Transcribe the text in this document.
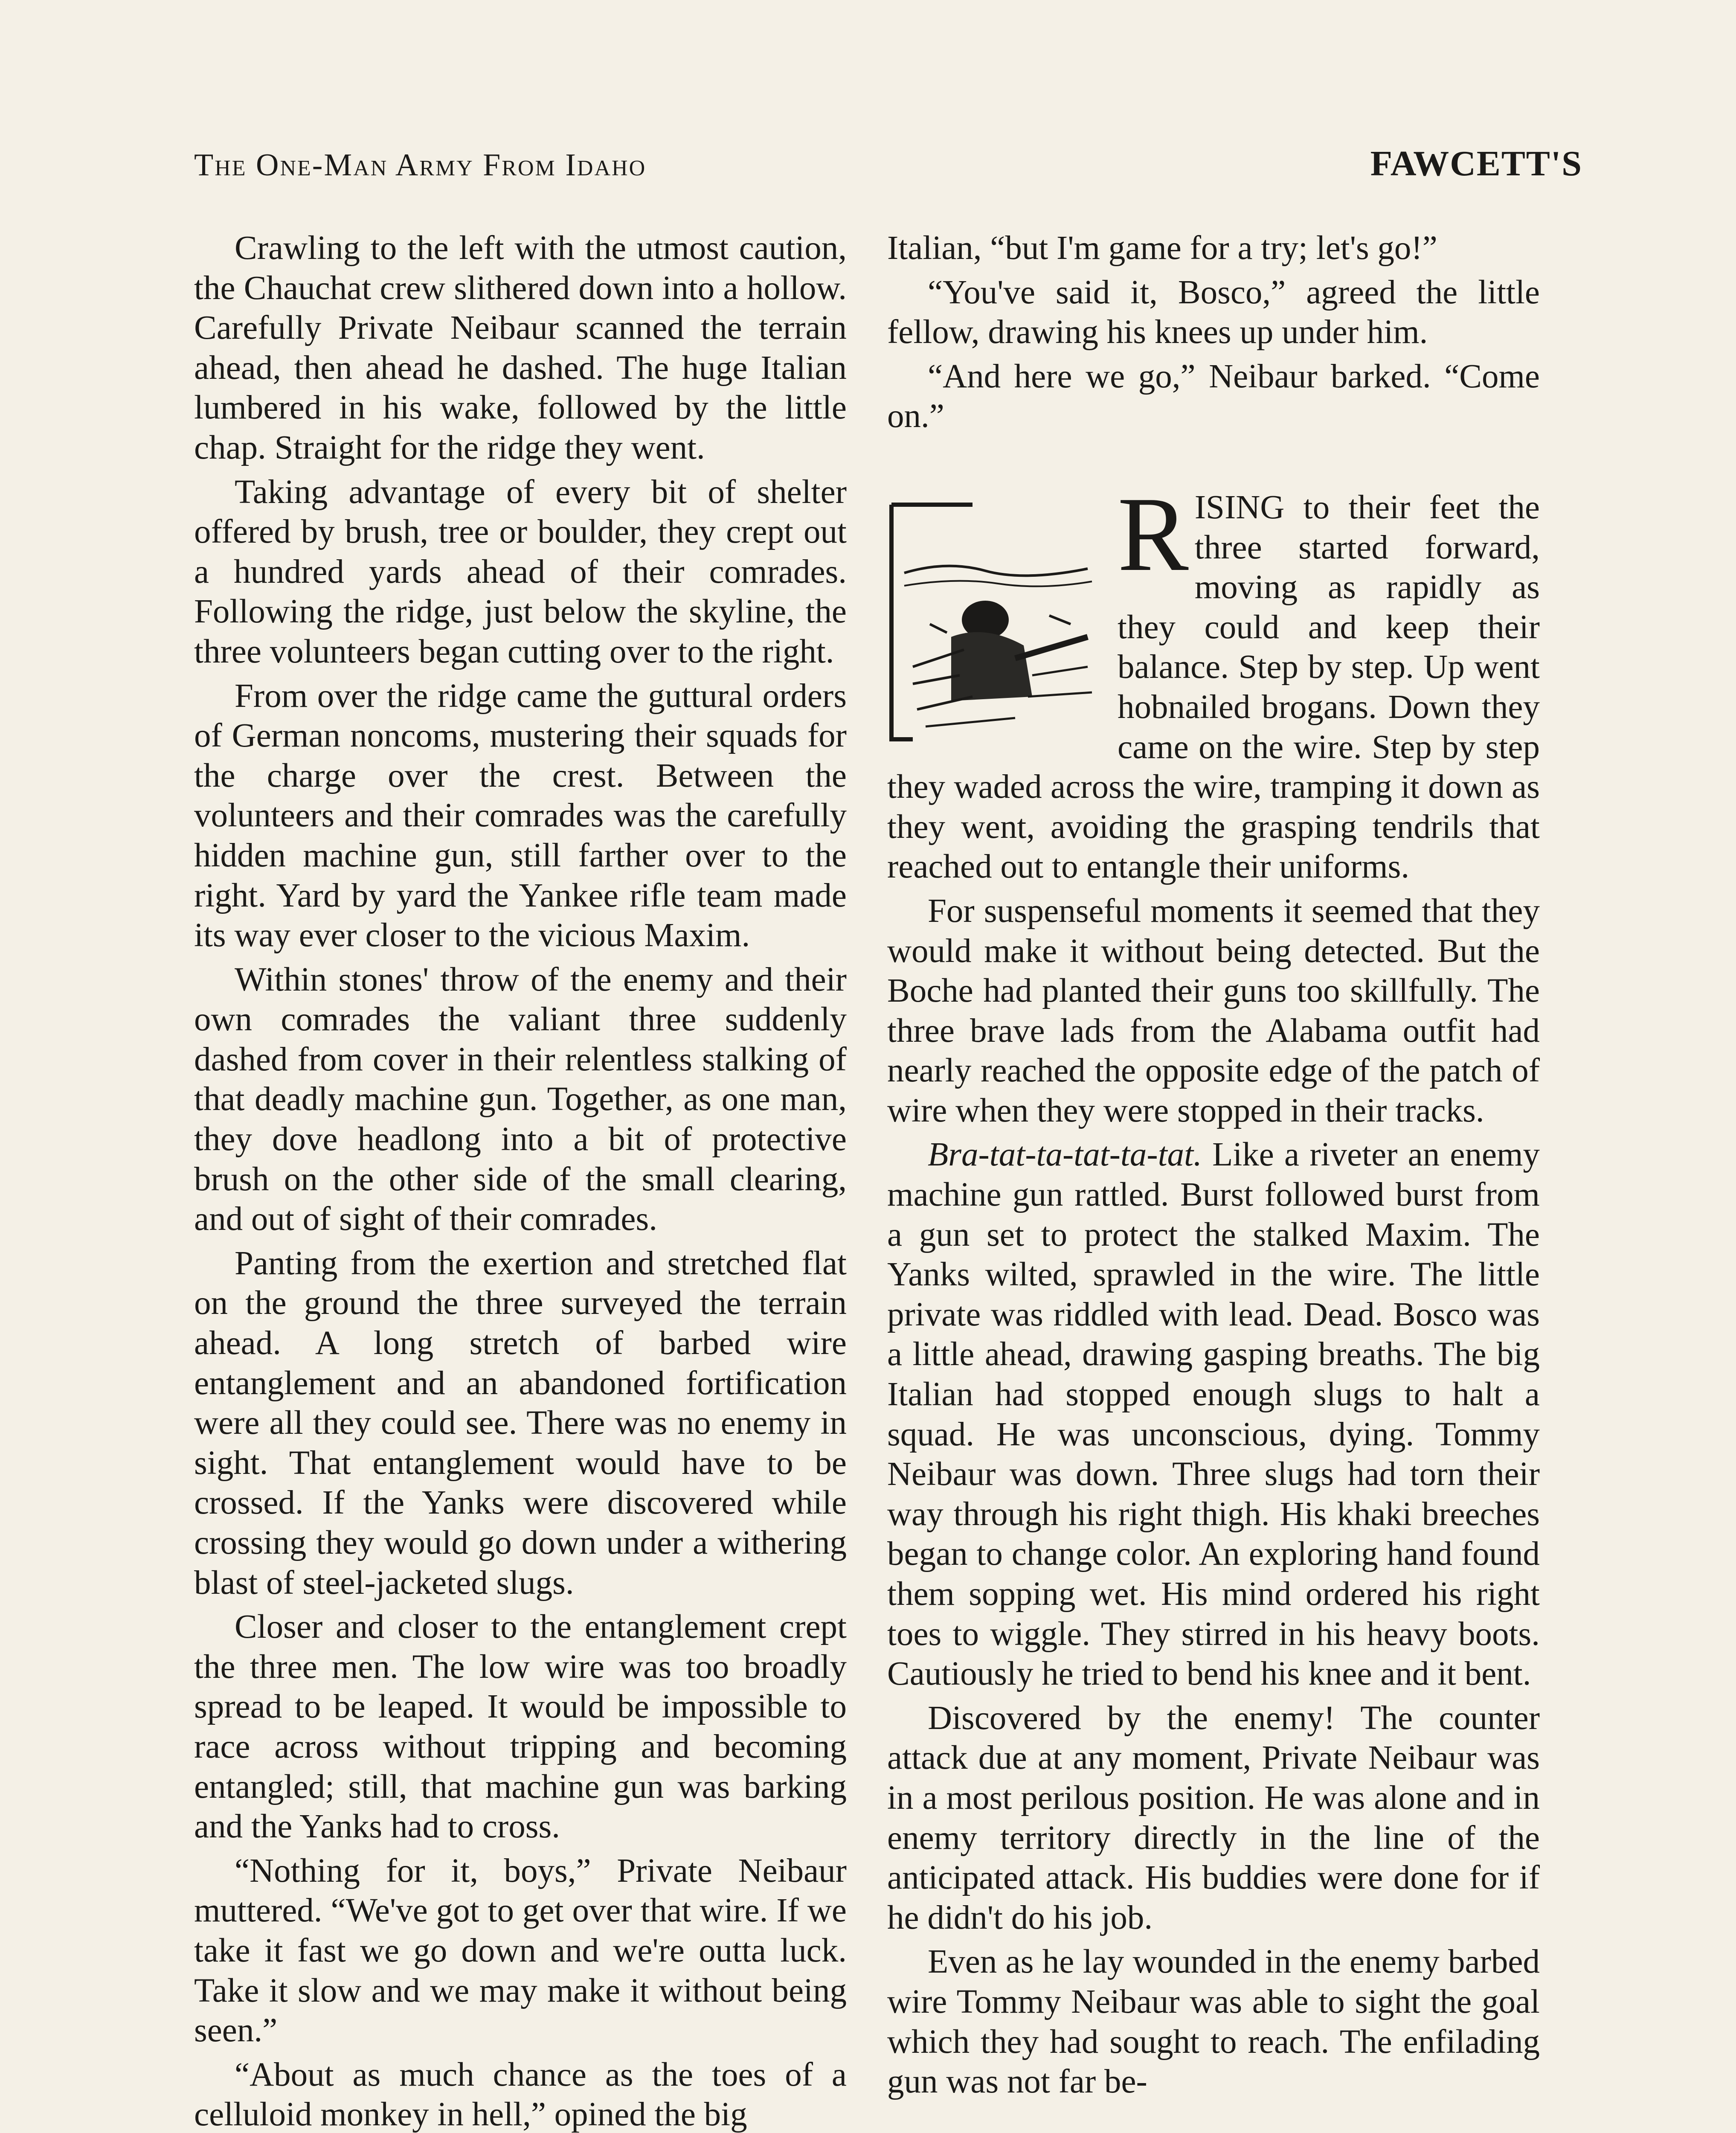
The One-Man Army From Idaho	FAWCETT'S

Crawling to the left with the utmost caution, the Chauchat crew slithered down into a hollow. Carefully Private Neibaur scanned the terrain ahead, then ahead he dashed. The huge Italian lumbered in his wake, followed by the little chap. Straight for the ridge they went.

Taking advantage of every bit of shelter offered by brush, tree or boulder, they crept out a hundred yards ahead of their comrades. Following the ridge, just below the skyline, the three volunteers began cutting over to the right.

From over the ridge came the guttural orders of German noncoms, mustering their squads for the charge over the crest. Between the volunteers and their comrades was the carefully hidden machine gun, still farther over to the right. Yard by yard the Yankee rifle team made its way ever closer to the vicious Maxim.

Within stones' throw of the enemy and their own comrades the valiant three suddenly dashed from cover in their relentless stalking of that deadly machine gun. Together, as one man, they dove headlong into a bit of protective brush on the other side of the small clearing, and out of sight of their comrades.

Panting from the exertion and stretched flat on the ground the three surveyed the terrain ahead. A long stretch of barbed wire entanglement and an abandoned fortification were all they could see. There was no enemy in sight. That entanglement would have to be crossed. If the Yanks were discovered while crossing they would go down under a withering blast of steel-jacketed slugs.

Closer and closer to the entanglement crept the three men. The low wire was too broadly spread to be leaped. It would be impossible to race across without tripping and becoming entangled; still, that machine gun was barking and the Yanks had to cross.

“Nothing for it, boys,” Private Neibaur muttered. “We've got to get over that wire. If we take it fast we go down and we're outta luck. Take it slow and we may make it without being seen.”

“About as much chance as the toes of a celluloid monkey in hell,” opined the big

Italian, “but I'm game for a try; let's go!”

“You've said it, Bosco,” agreed the little fellow, drawing his knees up under him.

“And here we go,” Neibaur barked. “Come on.”

R ISING to their feet the three started forward, moving as rapidly as they could and keep their balance. Step by step. Up went hobnailed brogans. Down they came on the wire. Step by step they waded across the wire, tramping it down as they went, avoiding the grasping tendrils that reached out to entangle their uniforms.

For suspenseful moments it seemed that they would make it without being detected. But the Boche had planted their guns too skillfully. The three brave lads from the Alabama outfit had nearly reached the opposite edge of the patch of wire when they were stopped in their tracks.

Bra-tat-ta-tat-ta-tat. Like a riveter an enemy machine gun rattled. Burst followed burst from a gun set to protect the stalked Maxim. The Yanks wilted, sprawled in the wire. The little private was riddled with lead. Dead. Bosco was a little ahead, drawing gasping breaths. The big Italian had stopped enough slugs to halt a squad. He was unconscious, dying. Tommy Neibaur was down. Three slugs had torn their way through his right thigh. His khaki breeches began to change color. An exploring hand found them sopping wet. His mind ordered his right toes to wiggle. They stirred in his heavy boots. Cautiously he tried to bend his knee and it bent.

Discovered by the enemy! The counter attack due at any moment, Private Neibaur was in a most perilous position. He was alone and in enemy territory directly in the line of the anticipated attack. His buddies were done for if he didn't do his job.

Even as he lay wounded in the enemy barbed wire Tommy Neibaur was able to sight the goal which they had sought to reach. The enfilading gun was not far be-
